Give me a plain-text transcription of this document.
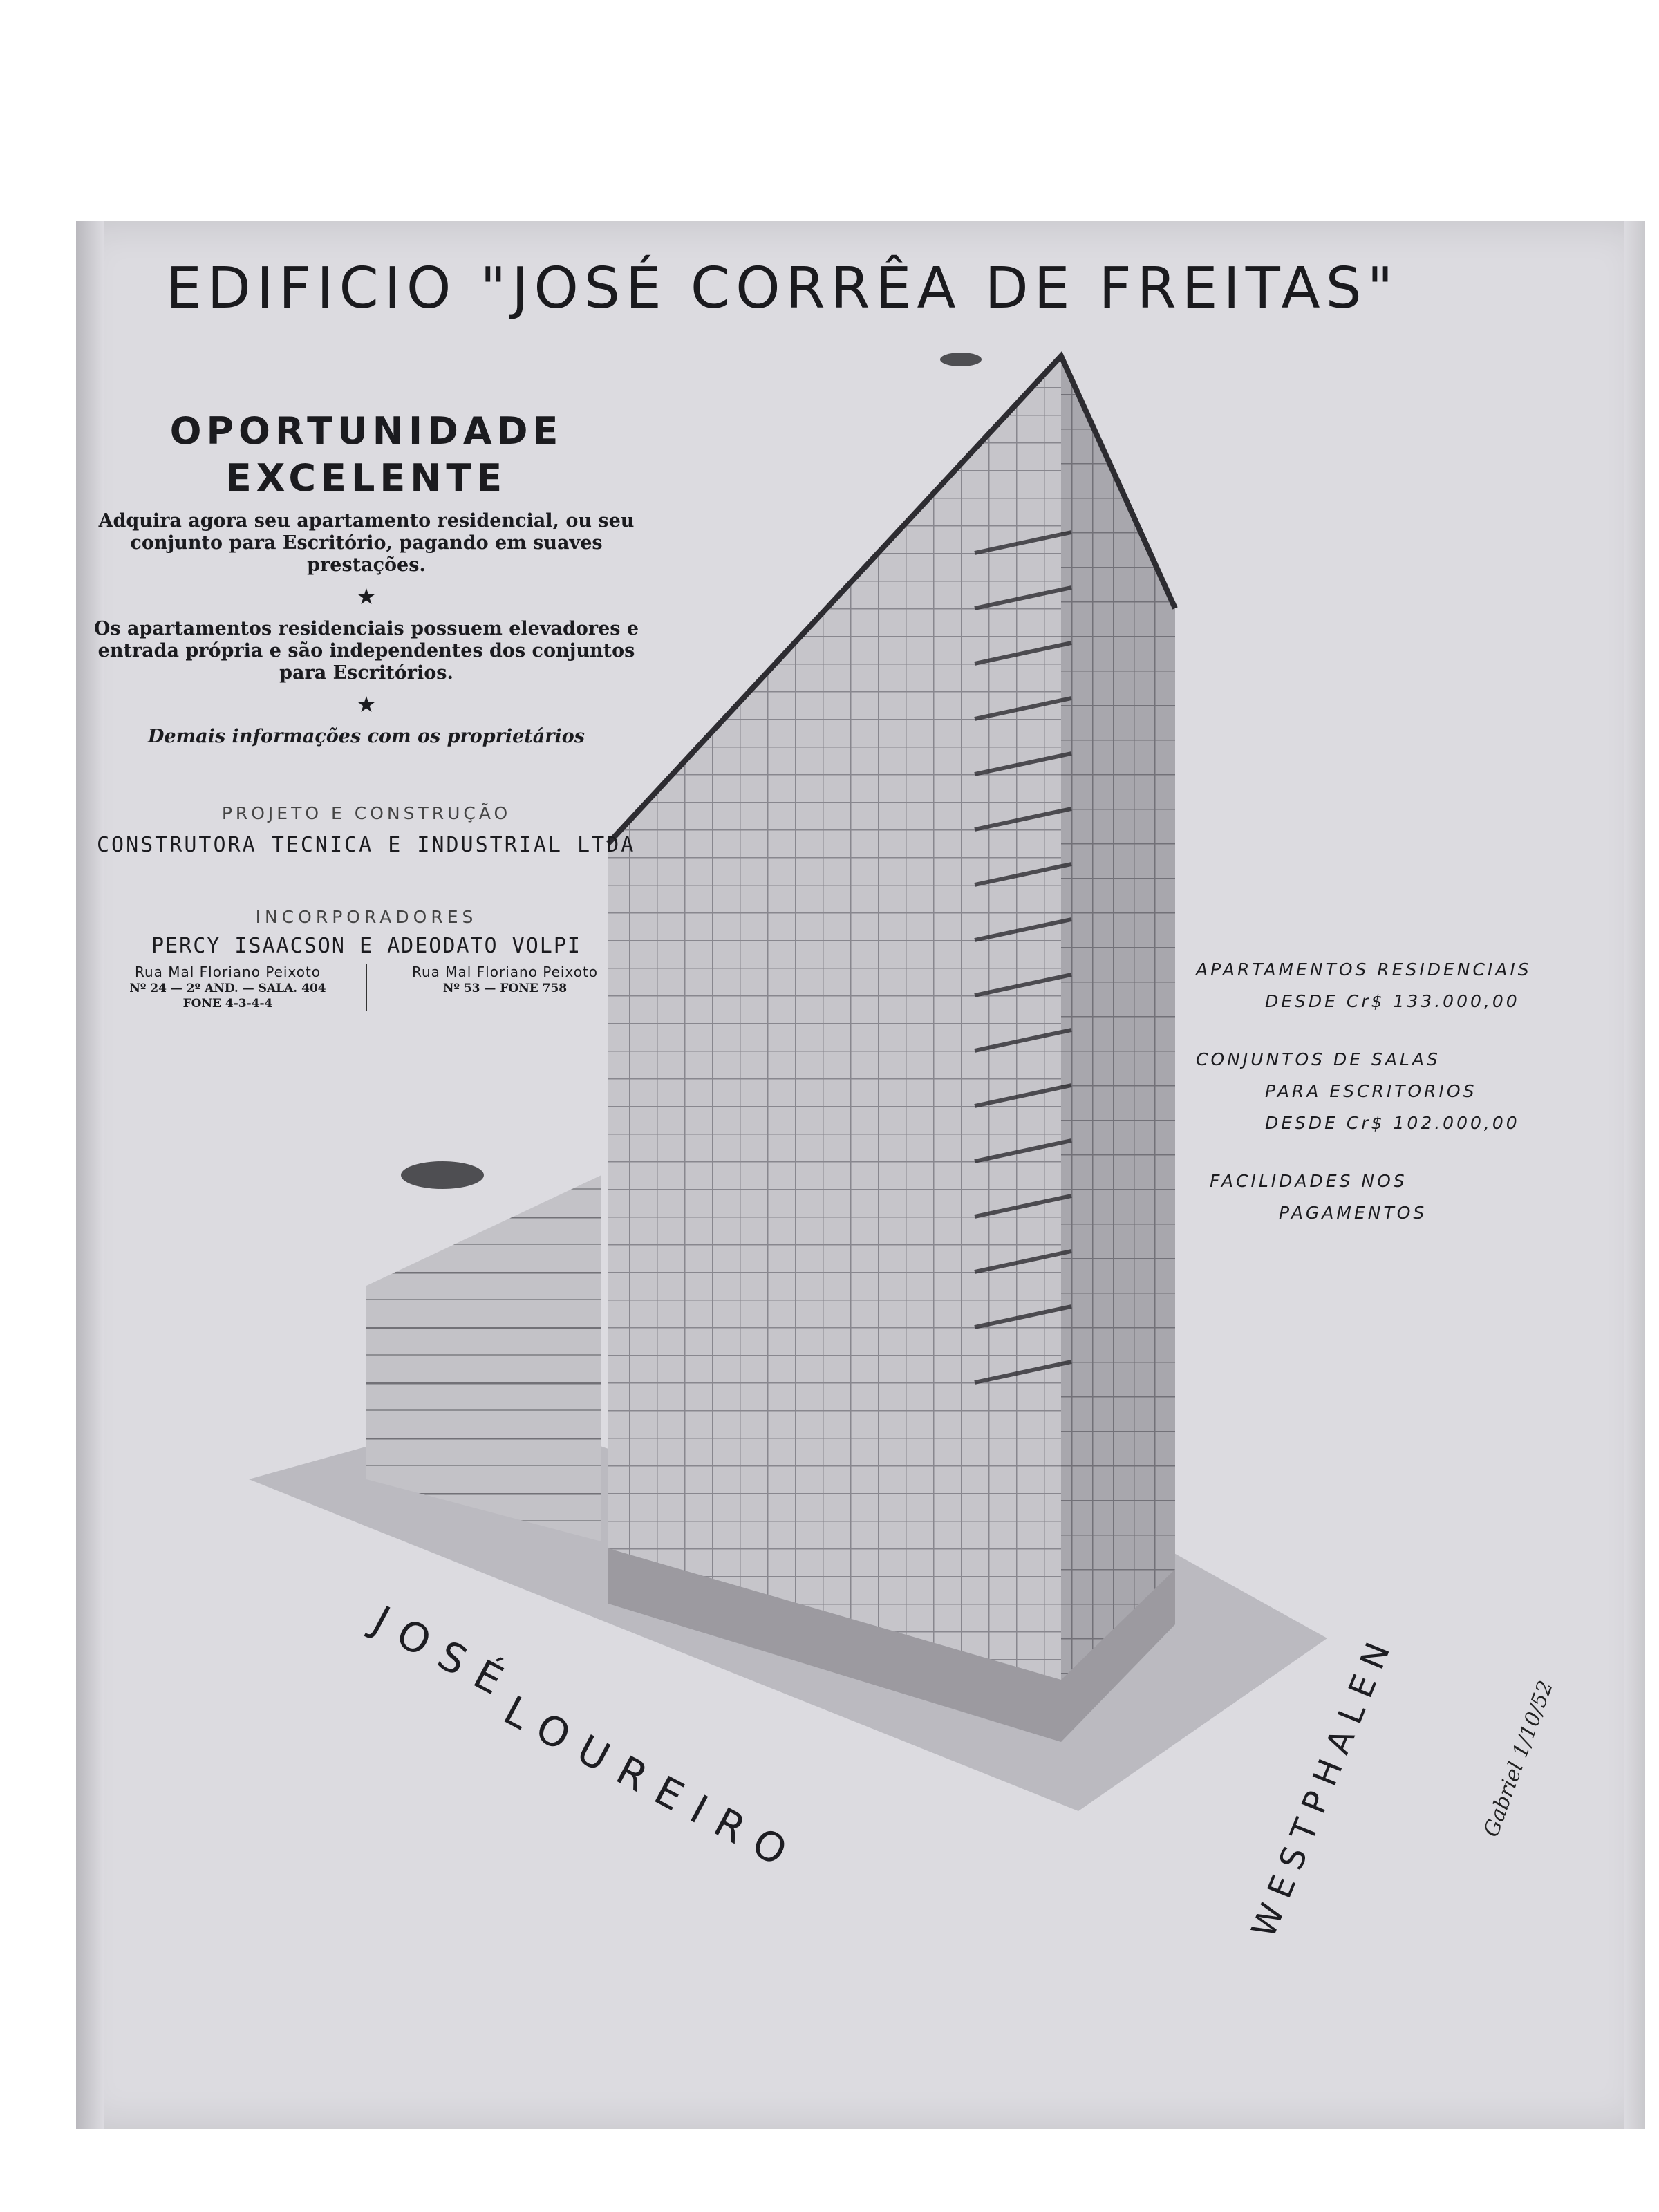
EDIFICIO "JOSÉ CORRÊA DE FREITAS"
OPORTUNIDADE
EXCELENTE
Adquira agora seu apartamento residencial, ou seu conjunto para Escritório, pagando em suaves prestações.
★
Os apartamentos residenciais possuem elevadores e entrada própria e são independentes dos conjuntos para Escritórios.
★
Demais informações com os proprietários
PROJETO E CONSTRUÇÃO
CONSTRUTORA TECNICA E INDUSTRIAL LTDA
INCORPORADORES
PERCY ISAACSON E ADEODATO VOLPI
Rua Mal Floriano Peixoto
Nº 24 — 2º AND. — SALA. 404
FONE 4-3-4-4
Rua Mal Floriano Peixoto
Nº 53 — FONE 758
APARTAMENTOS RESIDENCIAIS
DESDE Cr$ 133.000,00
CONJUNTOS DE SALAS
PARA ESCRITORIOS
DESDE Cr$ 102.000,00
FACILIDADES NOS
PAGAMENTOS
JOSÉ
LOUREIRO	WESTPHALEN	Gabriel 1/10/52
